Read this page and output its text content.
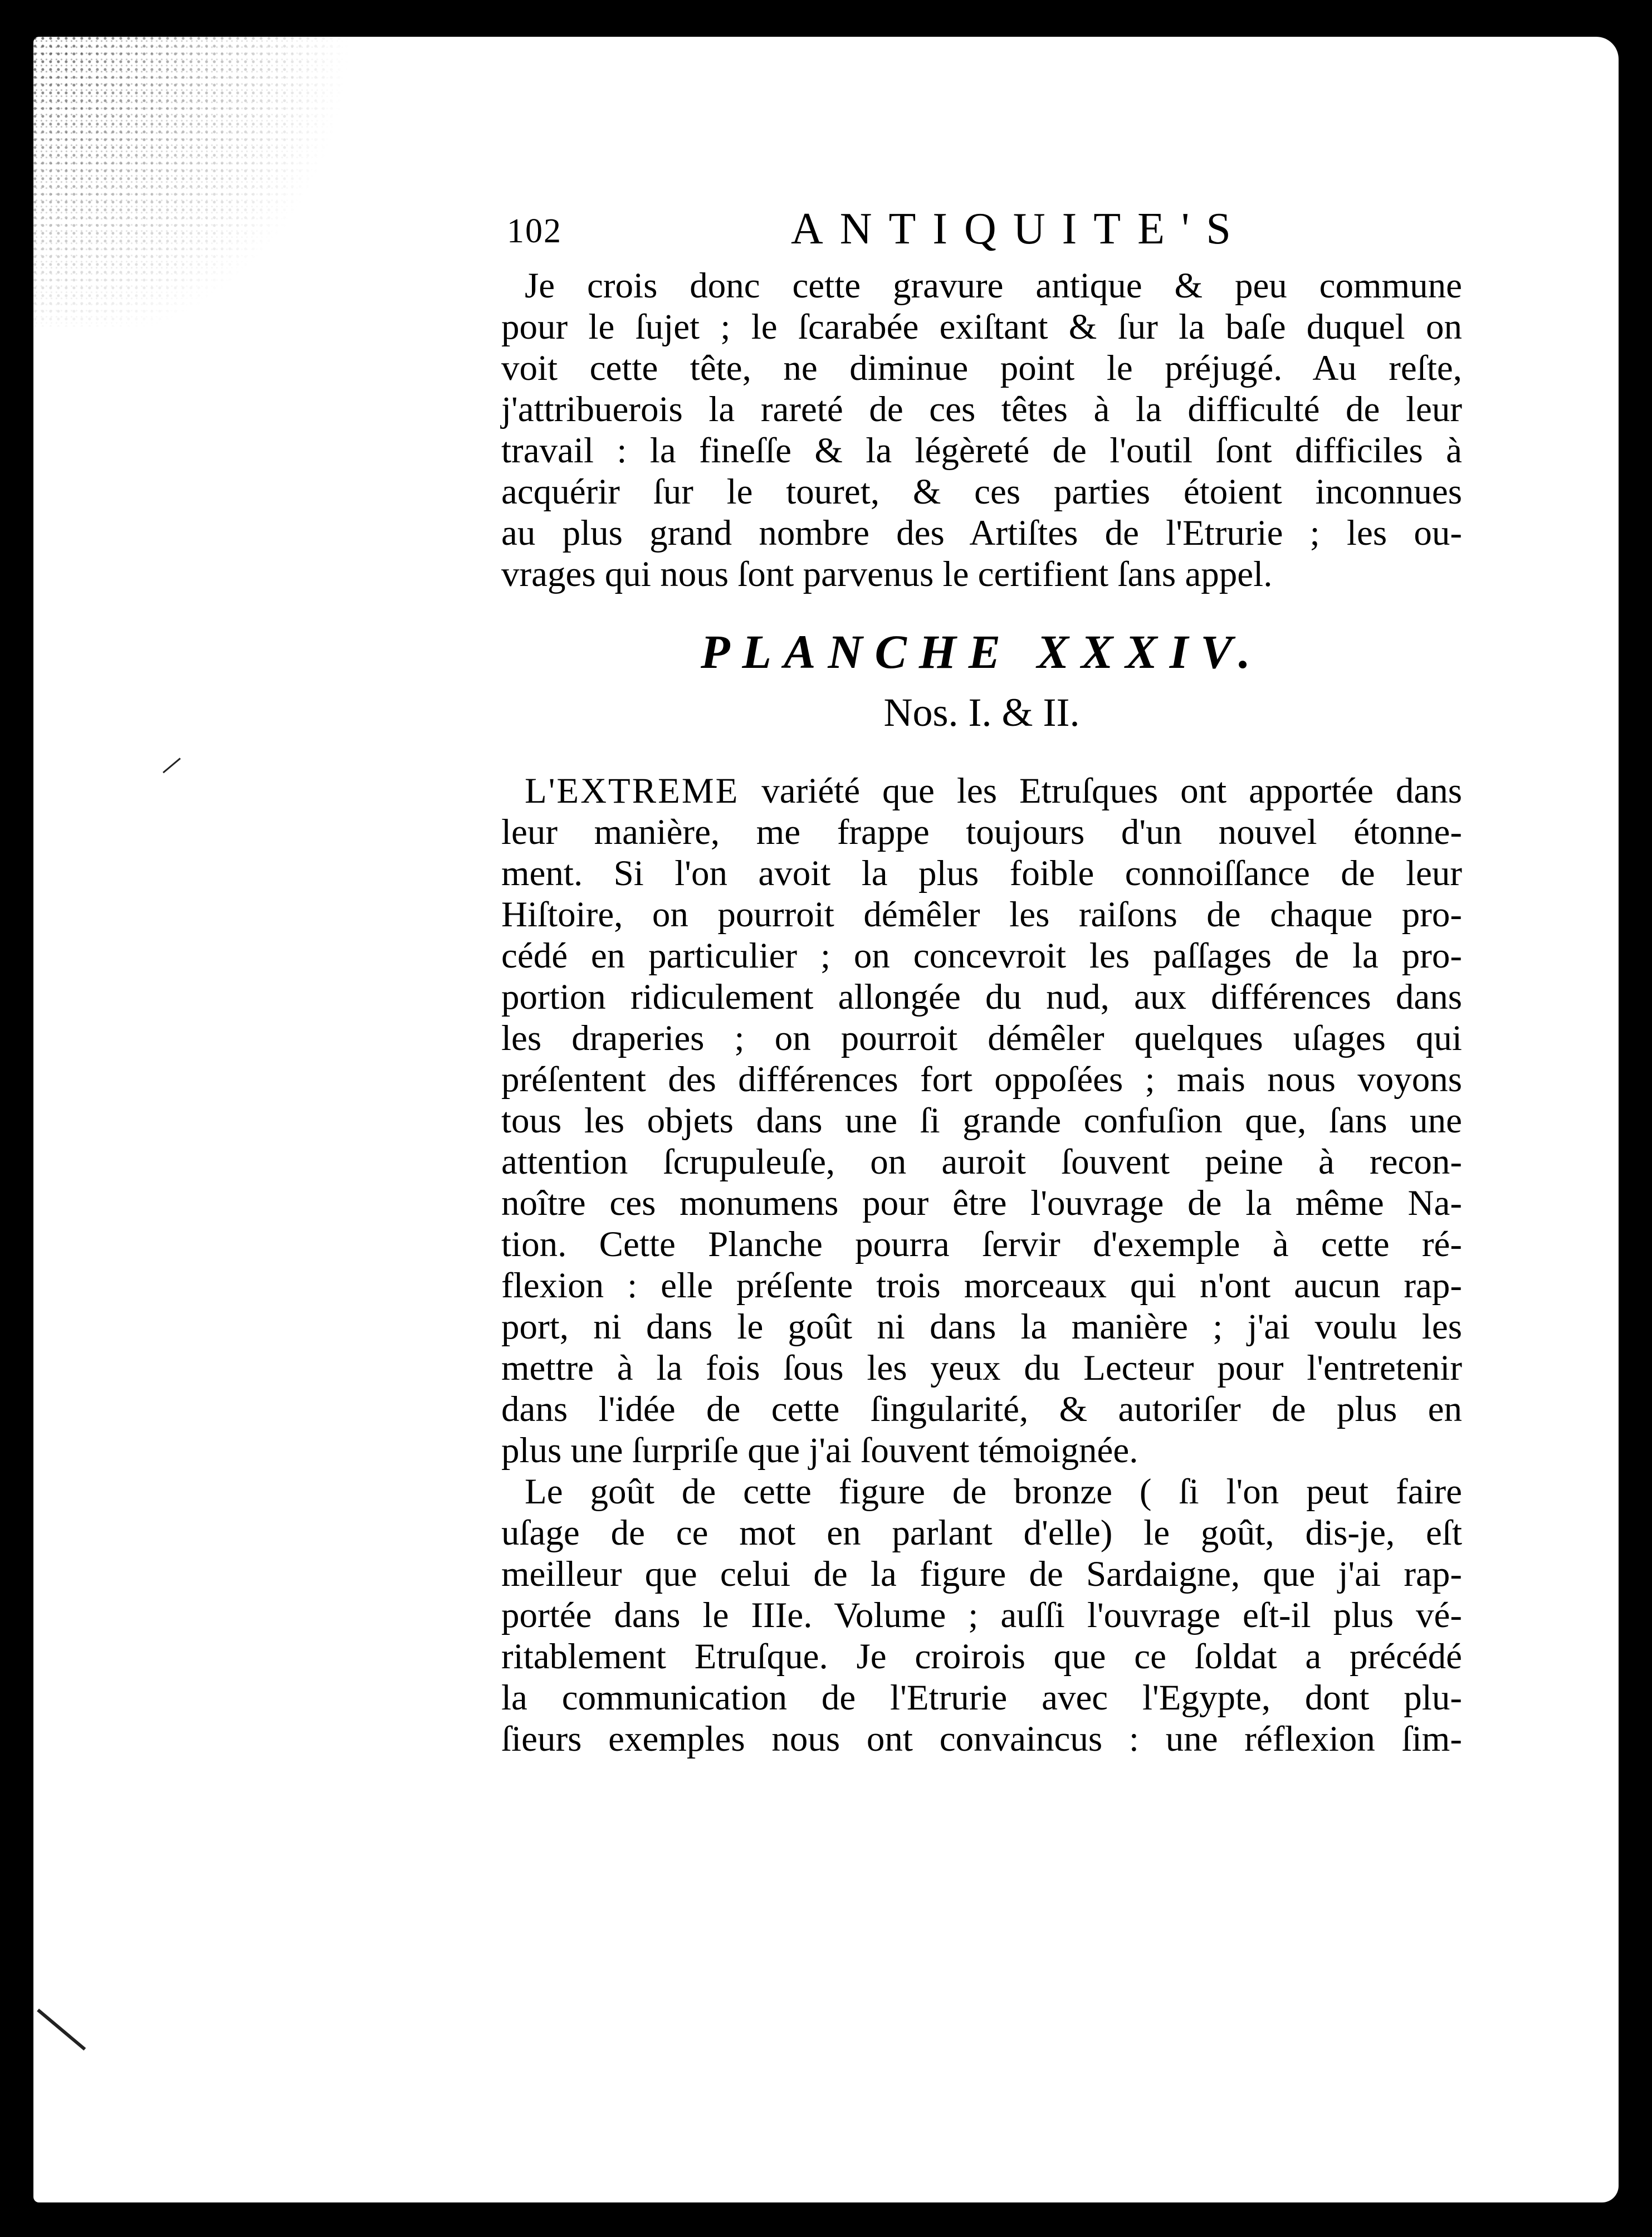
102	ANTIQUITE'S

Je crois donc cette gravure antique & peu commune
pour le ſujet ; le ſcarabée exiſtant & ſur la baſe duquel on
voit cette tête, ne diminue point le préjugé. Au reſte,
j'attribuerois la rareté de ces têtes à la difficulté de leur
travail : la fineſſe & la légèreté de l'outil ſont difficiles à
acquérir ſur le touret, & ces parties étoient inconnues
au plus grand nombre des Artiſtes de l'Etrurie ; les ou-
vrages qui nous ſont parvenus le certifient ſans appel.

PLANCHE XXXIV.
Nos. I. & II.

L'EXTREME variété que les Etruſques ont apportée dans
leur manière, me frappe toujours d'un nouvel étonne-
ment. Si l'on avoit la plus foible connoiſſance de leur
Hiſtoire, on pourroit démêler les raiſons de chaque pro-
cédé en particulier ; on concevroit les paſſages de la pro-
portion ridiculement allongée du nud, aux différences dans
les draperies ; on pourroit démêler quelques uſages qui
préſentent des différences fort oppoſées ; mais nous voyons
tous les objets dans une ſi grande confuſion que, ſans une
attention ſcrupuleuſe, on auroit ſouvent peine à recon-
noître ces monumens pour être l'ouvrage de la même Na-
tion. Cette Planche pourra ſervir d'exemple à cette ré-
flexion : elle préſente trois morceaux qui n'ont aucun rap-
port, ni dans le goût ni dans la manière ; j'ai voulu les
mettre à la fois ſous les yeux du Lecteur pour l'entretenir
dans l'idée de cette ſingularité, & autoriſer de plus en
plus une ſurpriſe que j'ai ſouvent témoignée.

Le goût de cette figure de bronze ( ſi l'on peut faire
uſage de ce mot en parlant d'elle) le goût, dis-je, eſt
meilleur que celui de la figure de Sardaigne, que j'ai rap-
portée dans le IIIe. Volume ; auſſi l'ouvrage eſt-il plus vé-
ritablement Etruſque. Je croirois que ce ſoldat a précédé
la communication de l'Etrurie avec l'Egypte, dont plu-
ſieurs exemples nous ont convaincus : une réflexion ſim-
